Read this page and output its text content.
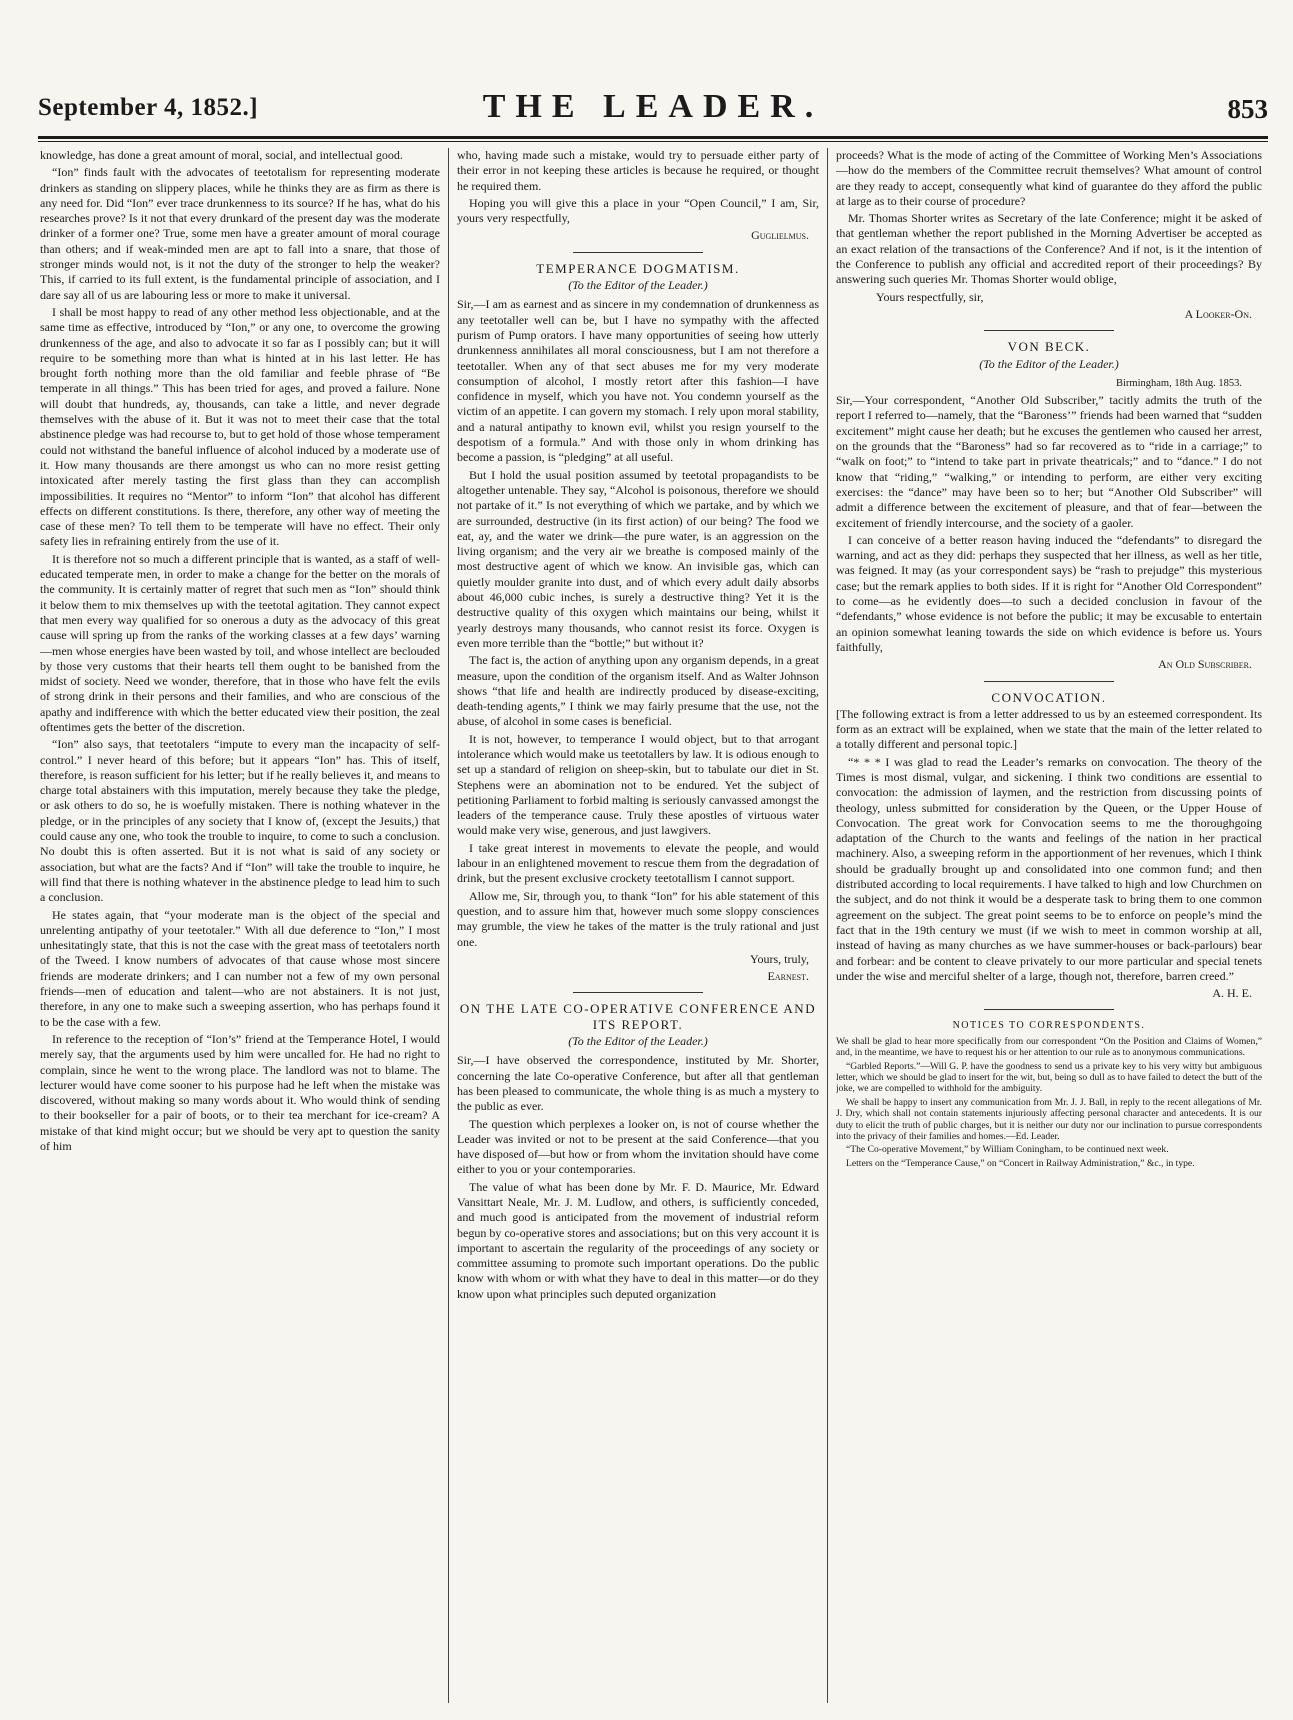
September 4, 1852.]	THE LEADER.	853

knowledge, has done a great amount of moral, social, and intellectual good.

“Ion” finds fault with the advocates of teetotalism for representing moderate drinkers as standing on slippery places, while he thinks they are as firm as there is any need for. Did “Ion” ever trace drunkenness to its source? If he has, what do his researches prove? Is it not that every drunkard of the present day was the moderate drinker of a former one? True, some men have a greater amount of moral courage than others; and if weak-minded men are apt to fall into a snare, that those of stronger minds would not, is it not the duty of the stronger to help the weaker? This, if carried to its full extent, is the fundamental principle of association, and I dare say all of us are labouring less or more to make it universal.

I shall be most happy to read of any other method less objectionable, and at the same time as effective, introduced by “Ion,” or any one, to overcome the growing drunkenness of the age, and also to advocate it so far as I possibly can; but it will require to be something more than what is hinted at in his last letter. He has brought forth nothing more than the old familiar and feeble phrase of “Be temperate in all things.” This has been tried for ages, and proved a failure. None will doubt that hundreds, ay, thousands, can take a little, and never degrade themselves with the abuse of it. But it was not to meet their case that the total abstinence pledge was had recourse to, but to get hold of those whose temperament could not withstand the baneful influence of alcohol induced by a moderate use of it. How many thousands are there amongst us who can no more resist getting intoxicated after merely tasting the first glass than they can accomplish impossibilities. It requires no “Mentor” to inform “Ion” that alcohol has different effects on different constitutions. Is there, therefore, any other way of meeting the case of these men? To tell them to be temperate will have no effect. Their only safety lies in refraining entirely from the use of it.

It is therefore not so much a different principle that is wanted, as a staff of well-educated temperate men, in order to make a change for the better on the morals of the community. It is certainly matter of regret that such men as “Ion” should think it below them to mix themselves up with the teetotal agitation. They cannot expect that men every way qualified for so onerous a duty as the advocacy of this great cause will spring up from the ranks of the working classes at a few days’ warning—men whose energies have been wasted by toil, and whose intellect are beclouded by those very customs that their hearts tell them ought to be banished from the midst of society. Need we wonder, therefore, that in those who have felt the evils of strong drink in their persons and their families, and who are conscious of the apathy and indifference with which the better educated view their position, the zeal oftentimes gets the better of the discretion.

“Ion” also says, that teetotalers “impute to every man the incapacity of self-control.” I never heard of this before; but it appears “Ion” has. This of itself, therefore, is reason sufficient for his letter; but if he really believes it, and means to charge total abstainers with this imputation, merely because they take the pledge, or ask others to do so, he is woefully mistaken. There is nothing whatever in the pledge, or in the principles of any society that I know of, (except the Jesuits,) that could cause any one, who took the trouble to inquire, to come to such a conclusion. No doubt this is often asserted. But it is not what is said of any society or association, but what are the facts? And if “Ion” will take the trouble to inquire, he will find that there is nothing whatever in the abstinence pledge to lead him to such a conclusion.

He states again, that “your moderate man is the object of the special and unrelenting antipathy of your teetotaler.” With all due deference to “Ion,” I most unhesitatingly state, that this is not the case with the great mass of teetotalers north of the Tweed. I know numbers of advocates of that cause whose most sincere friends are moderate drinkers; and I can number not a few of my own personal friends—men of education and talent—who are not abstainers. It is not just, therefore, in any one to make such a sweeping assertion, who has perhaps found it to be the case with a few.

In reference to the reception of “Ion’s” friend at the Temperance Hotel, I would merely say, that the arguments used by him were uncalled for. He had no right to complain, since he went to the wrong place. The landlord was not to blame. The lecturer would have come sooner to his purpose had he left when the mistake was discovered, without making so many words about it. Who would think of sending to their bookseller for a pair of boots, or to their tea merchant for ice-cream? A mistake of that kind might occur; but we should be very apt to question the sanity of him

who, having made such a mistake, would try to persuade either party of their error in not keeping these articles is because he required, or thought he required them.

Hoping you will give this a place in your “Open Council,” I am, Sir, yours very respectfully,

Guglielmus.
TEMPERANCE DOGMATISM.
(To the Editor of the Leader.)

Sir,—I am as earnest and as sincere in my condemnation of drunkenness as any teetotaller well can be, but I have no sympathy with the affected purism of Pump orators. I have many opportunities of seeing how utterly drunkenness annihilates all moral consciousness, but I am not therefore a teetotaller. When any of that sect abuses me for my very moderate consumption of alcohol, I mostly retort after this fashion—I have confidence in myself, which you have not. You condemn yourself as the victim of an appetite. I can govern my stomach. I rely upon moral stability, and a natural antipathy to known evil, whilst you resign yourself to the despotism of a formula.” And with those only in whom drinking has become a passion, is “pledging” at all useful.

But I hold the usual position assumed by teetotal propagandists to be altogether untenable. They say, “Alcohol is poisonous, therefore we should not partake of it.” Is not everything of which we partake, and by which we are surrounded, destructive (in its first action) of our being? The food we eat, ay, and the water we drink—the pure water, is an aggression on the living organism; and the very air we breathe is composed mainly of the most destructive agent of which we know. An invisible gas, which can quietly moulder granite into dust, and of which every adult daily absorbs about 46,000 cubic inches, is surely a destructive thing? Yet it is the destructive quality of this oxygen which maintains our being, whilst it yearly destroys many thousands, who cannot resist its force. Oxygen is even more terrible than the “bottle;” but without it?

The fact is, the action of anything upon any organism depends, in a great measure, upon the condition of the organism itself. And as Walter Johnson shows “that life and health are indirectly produced by disease-exciting, death-tending agents,” I think we may fairly presume that the use, not the abuse, of alcohol in some cases is beneficial.

It is not, however, to temperance I would object, but to that arrogant intolerance which would make us teetotallers by law. It is odious enough to set up a standard of religion on sheep-skin, but to tabulate our diet in St. Stephens were an abomination not to be endured. Yet the subject of petitioning Parliament to forbid malting is seriously canvassed amongst the leaders of the temperance cause. Truly these apostles of virtuous water would make very wise, generous, and just lawgivers.

I take great interest in movements to elevate the people, and would labour in an enlightened movement to rescue them from the degradation of drink, but the present exclusive crockety teetotallism I cannot support.

Allow me, Sir, through you, to thank “Ion” for his able statement of this question, and to assure him that, however much some sloppy consciences may grumble, the view he takes of the matter is the truly rational and just one.

Yours, truly,
Earnest.
ON THE LATE CO-OPERATIVE CONFERENCE AND ITS REPORT.
(To the Editor of the Leader.)

Sir,—I have observed the correspondence, instituted by Mr. Shorter, concerning the late Co-operative Conference, but after all that gentleman has been pleased to communicate, the whole thing is as much a mystery to the public as ever.

The question which perplexes a looker on, is not of course whether the Leader was invited or not to be present at the said Conference—that you have disposed of—but how or from whom the invitation should have come either to you or your contemporaries.

The value of what has been done by Mr. F. D. Maurice, Mr. Edward Vansittart Neale, Mr. J. M. Ludlow, and others, is sufficiently conceded, and much good is anticipated from the movement of industrial reform begun by co-operative stores and associations; but on this very account it is important to ascertain the regularity of the proceedings of any society or committee assuming to promote such important operations. Do the public know with whom or with what they have to deal in this matter—or do they know upon what principles such deputed organization

proceeds? What is the mode of acting of the Committee of Working Men’s Associations—how do the members of the Committee recruit themselves? What amount of control are they ready to accept, consequently what kind of guarantee do they afford the public at large as to their course of procedure?

Mr. Thomas Shorter writes as Secretary of the late Conference; might it be asked of that gentleman whether the report published in the Morning Advertiser be accepted as an exact relation of the transactions of the Conference? And if not, is it the intention of the Conference to publish any official and accredited report of their proceedings? By answering such queries Mr. Thomas Shorter would oblige,

Yours respectfully, sir,
A Looker-On.
VON BECK.
(To the Editor of the Leader.)
Birmingham, 18th Aug. 1853.

Sir,—Your correspondent, “Another Old Subscriber,” tacitly admits the truth of the report I referred to—namely, that the “Baroness’” friends had been warned that “sudden excitement” might cause her death; but he excuses the gentlemen who caused her arrest, on the grounds that the “Baroness” had so far recovered as to “ride in a carriage;” to “walk on foot;” to “intend to take part in private theatricals;” and to “dance.” I do not know that “riding,” “walking,” or intending to perform, are either very exciting exercises: the “dance” may have been so to her; but “Another Old Subscriber” will admit a difference between the excitement of pleasure, and that of fear—between the excitement of friendly intercourse, and the society of a gaoler.

I can conceive of a better reason having induced the “defendants” to disregard the warning, and act as they did: perhaps they suspected that her illness, as well as her title, was feigned. It may (as your correspondent says) be “rash to prejudge” this mysterious case; but the remark applies to both sides. If it is right for “Another Old Correspondent” to come—as he evidently does—to such a decided conclusion in favour of the “defendants,” whose evidence is not before the public; it may be excusable to entertain an opinion somewhat leaning towards the side on which evidence is before us. Yours faithfully,

An Old Subscriber.
CONVOCATION.

[The following extract is from a letter addressed to us by an esteemed correspondent. Its form as an extract will be explained, when we state that the main of the letter related to a totally different and personal topic.]

“* * * I was glad to read the Leader’s remarks on convocation. The theory of the Times is most dismal, vulgar, and sickening. I think two conditions are essential to convocation: the admission of laymen, and the restriction from discussing points of theology, unless submitted for consideration by the Queen, or the Upper House of Convocation. The great work for Convocation seems to me the thoroughgoing adaptation of the Church to the wants and feelings of the nation in her practical machinery. Also, a sweeping reform in the apportionment of her revenues, which I think should be gradually brought up and consolidated into one common fund; and then distributed according to local requirements. I have talked to high and low Churchmen on the subject, and do not think it would be a desperate task to bring them to one common agreement on the subject. The great point seems to be to enforce on people’s mind the fact that in the 19th century we must (if we wish to meet in common worship at all, instead of having as many churches as we have summer-houses or back-parlours) bear and forbear: and be content to cleave privately to our more particular and special tenets under the wise and merciful shelter of a large, though not, therefore, barren creed.”

A. H. E.
NOTICES TO CORRESPONDENTS.

We shall be glad to hear more specifically from our correspondent “On the Position and Claims of Women,” and, in the meantime, we have to request his or her attention to our rule as to anonymous communications.

“Garbled Reports.”—Will G. P. have the goodness to send us a private key to his very witty but ambiguous letter, which we should be glad to insert for the wit, but, being so dull as to have failed to detect the butt of the joke, we are compelled to withhold for the ambiguity.

We shall be happy to insert any communication from Mr. J. J. Ball, in reply to the recent allegations of Mr. J. Dry, which shall not contain statements injuriously affecting personal character and antecedents. It is our duty to elicit the truth of public charges, but it is neither our duty nor our inclination to pursue correspondents into the privacy of their families and homes.—Ed. Leader.

“The Co-operative Movement,” by William Coningham, to be continued next week.

Letters on the “Temperance Cause,” on “Concert in Railway Administration,” &c., in type.
